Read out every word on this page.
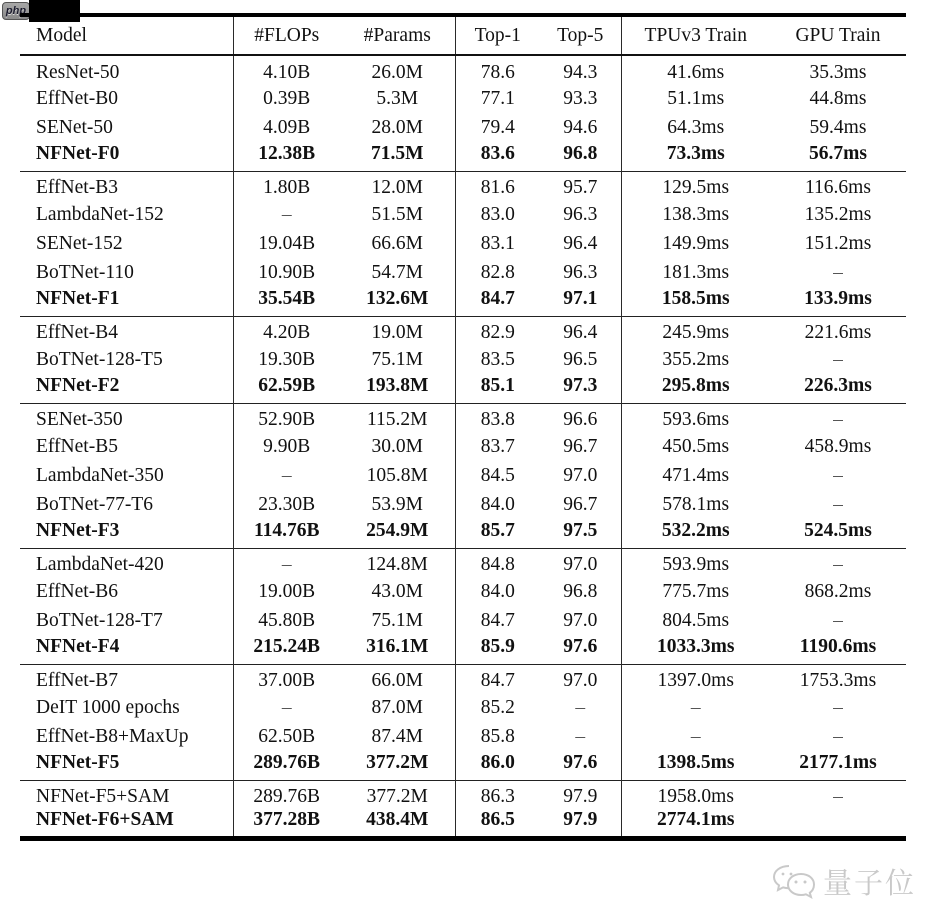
php
Model	#FLOPs	#Params	Top-1	Top-5	TPUv3 Train	GPU Train
ResNet-50	4.10B	26.0M	78.6	94.3	41.6ms	35.3ms
EffNet-B0	0.39B	5.3M	77.1	93.3	51.1ms	44.8ms
SENet-50	4.09B	28.0M	79.4	94.6	64.3ms	59.4ms
NFNet-F0	12.38B	71.5M	83.6	96.8	73.3ms	56.7ms
EffNet-B3	1.80B	12.0M	81.6	95.7	129.5ms	116.6ms
LambdaNet-152	–	51.5M	83.0	96.3	138.3ms	135.2ms
SENet-152	19.04B	66.6M	83.1	96.4	149.9ms	151.2ms
BoTNet-110	10.90B	54.7M	82.8	96.3	181.3ms	–
NFNet-F1	35.54B	132.6M	84.7	97.1	158.5ms	133.9ms
EffNet-B4	4.20B	19.0M	82.9	96.4	245.9ms	221.6ms
BoTNet-128-T5	19.30B	75.1M	83.5	96.5	355.2ms	–
NFNet-F2	62.59B	193.8M	85.1	97.3	295.8ms	226.3ms
SENet-350	52.90B	115.2M	83.8	96.6	593.6ms	–
EffNet-B5	9.90B	30.0M	83.7	96.7	450.5ms	458.9ms
LambdaNet-350	–	105.8M	84.5	97.0	471.4ms	–
BoTNet-77-T6	23.30B	53.9M	84.0	96.7	578.1ms	–
NFNet-F3	114.76B	254.9M	85.7	97.5	532.2ms	524.5ms
LambdaNet-420	–	124.8M	84.8	97.0	593.9ms	–
EffNet-B6	19.00B	43.0M	84.0	96.8	775.7ms	868.2ms
BoTNet-128-T7	45.80B	75.1M	84.7	97.0	804.5ms	–
NFNet-F4	215.24B	316.1M	85.9	97.6	1033.3ms	1190.6ms
EffNet-B7	37.00B	66.0M	84.7	97.0	1397.0ms	1753.3ms
DeIT 1000 epochs	–	87.0M	85.2	–	–	–
EffNet-B8+MaxUp	62.50B	87.4M	85.8	–	–	–
NFNet-F5	289.76B	377.2M	86.0	97.6	1398.5ms	2177.1ms
NFNet-F5+SAM	289.76B	377.2M	86.3	97.9	1958.0ms	–
NFNet-F6+SAM	377.28B	438.4M	86.5	97.9	2774.1ms	
量子位
